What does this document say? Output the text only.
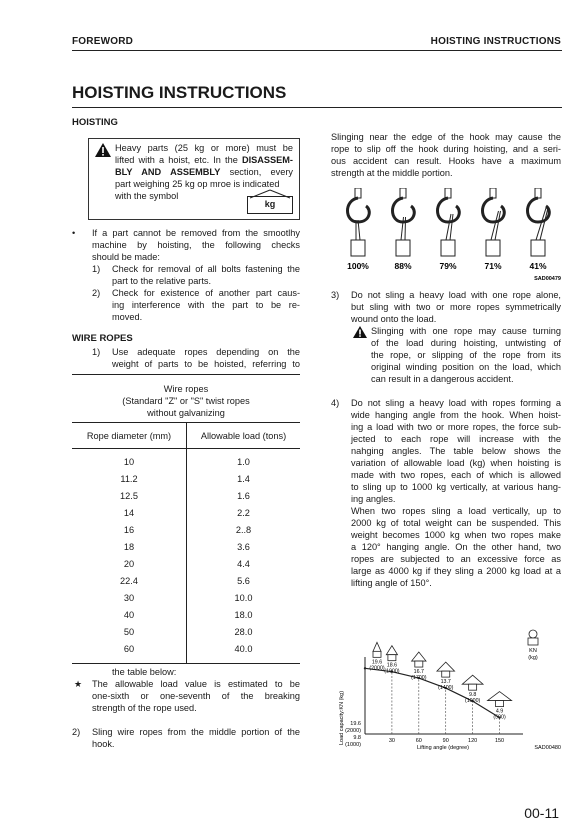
FOREWORD	HOISTING INSTRUCTIONS
HOISTING INSTRUCTIONS
HOISTING
Heavy parts (25 kg or more) must be
lifted with a hoist, etc. In the DISASSEM-
BLY AND ASSEMBLY section, every
part weighing 25 kg op mroe is indicated
with the symbol
kg
• If a part cannot be removed from the smootlhy
machine by hoisting, the following checks
should be made:
1) Check for removal of all bolts fastening the
part to the relative parts.
2) Check for existence of another part caus-
ing interference with the part to be re-
moved.
WIRE ROPES
1) Use adequate ropes depending on the
weight of parts to be hoisted, referring to
Wire ropes
(Standard "Z" or "S" twist ropes
without galvanizing
Rope diameter (mm)	Allowable load (tons)
10	1.0
11.2	1.4
12.5	1.6
14	2.2
16	2..8
18	3.6
20	4.4
22.4	5.6
30	10.0
40	18.0
50	28.0
60	40.0
the table below:
★ The allowable load value is estimated to be
one-sixth or one-seventh of the breaking
strength of the rope used.
2) Sling wire ropes from the middle portion of the
hook.
Slinging near the edge of the hook may cause the
rope to slip off the hook during hoisting, and a seri-
ous accident can result. Hooks have a maximum
strength at the middle portion.
100%	88%	79%	71%	41%
SAD00479
3) Do not sling a heavy load with one rope alone,
but sling with two or more ropes symmetrically
wound onto the load.
Slinging with one rope may cause turning
of the load during hoisting, untwisting of
the rope, or slipping of the rope from its
original winding position on the load, which
can result in a dangerous accident.
4) Do not sling a heavy load with ropes forming a
wide hanging angle from the hook. When hoist-
ing a load with two or more ropes, the force sub-
jected to each rope will increase with the
nahging angles. The table below shows the
variation of allowable load (kg) when hoisting is
made with two ropes, each of which is allowed
to sling up to 1000 kg vertically, at various hang-
ing angles.
When two ropes sling a load vertically, up to
2000 kg of total weight can be suspended. This
weight becomes 1000 kg when two ropes make
a 120° hanging angle. On the other hand, two
ropes are subjected to an excessive force as
large as 4000 kg if they sling a 2000 kg load at a
lifting angle of 150°.
30	60	90	120	150
19.6
(2000) 18.6
(1900)	16.7
(1700)
13.7
(1400)
9.8
(1000)
4.9
(500)
Load capacity:KN (kg)
Lifting angle (degree)
KN
(kg)
19.6
(2000)
9.8
(1000)	SAD00480
00-11
